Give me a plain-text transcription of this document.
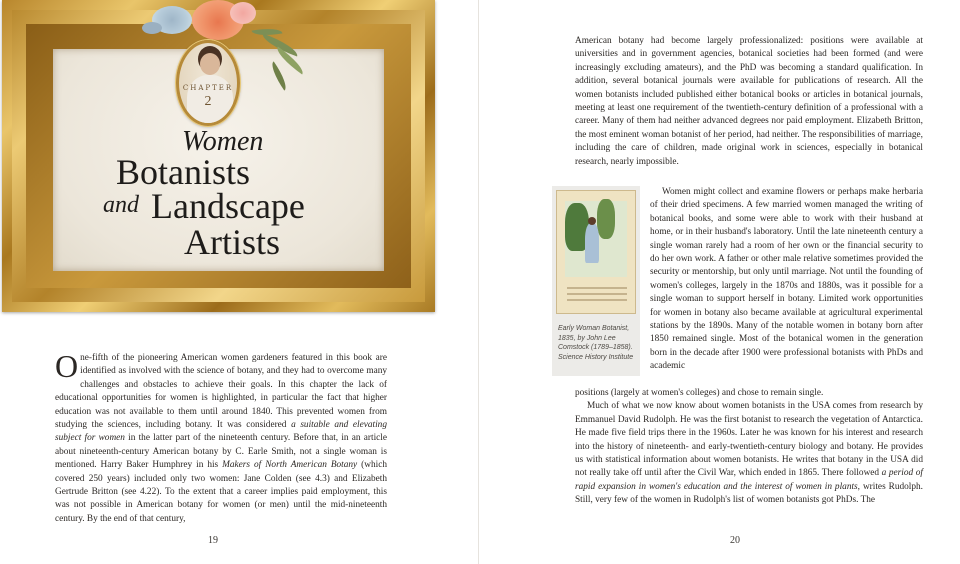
CHAPTER
2
Women
Botanists
and Landscape
Artists

One-fifth of the pioneering American women gardeners featured in this book are identified as involved with the science of botany, and they had to overcome many challenges and obstacles to achieve their goals. In this chapter the lack of educational opportunities for women is highlighted, in particular the fact that higher education was not available to them until around 1840. This prevented women from studying the sciences, including botany. It was considered a suitable and elevating subject for women in the latter part of the nineteenth century. Before that, in an article about nineteenth-century American botany by C. Earle Smith, not a single woman is mentioned. Harry Baker Humphrey in his Makers of North American Botany (which covered 250 years) included only two women: Jane Colden (see 4.3) and Elizabeth Gertrude Britton (see 4.22). To the extent that a career implies paid employment, this was not possible in American botany for women (or men) until the mid-nineteenth century. By the end of that century,

19

American botany had become largely professionalized: positions were available at universities and in government agencies, botanical societies had been formed (and were increasingly excluding amateurs), and the PhD was becoming a standard qualification. In addition, several botanical journals were available for publications of research. All the women botanists included published either botanical books or articles in botanical journals, meeting at least one requirement of the twentieth-century definition of a professional with a career. Many of them had neither advanced degrees nor paid employment. Elizabeth Britton, the most eminent woman botanist of her period, had neither. The responsibilities of marriage, including the care of children, made original work in sciences, especially in botanical research, nearly impossible.

Early Woman Botanist, 1835, by John Lee Comstock (1789–1858). Science History Institute

Women might collect and examine flowers or perhaps make herbaria of their dried specimens. A few married women managed the writing of botanical books, and some were able to work with their husband at home, or in their husband's laboratory. Until the late nineteenth century a single woman rarely had a room of her own or the financial security to do her own work. A father or other male relative sometimes provided the security or mentorship, but only until marriage. Not until the founding of women's colleges, largely in the 1870s and 1880s, was it possible for a single woman to support herself in botany. Limited work opportunities for women in botany also became available at agricultural experimental stations by the 1890s. Many of the notable women in botany born after 1850 remained single. Most of the botanical women in the generation born in the decade after 1900 were professional botanists with PhDs and academic

positions (largely at women's colleges) and chose to remain single.

Much of what we now know about women botanists in the USA comes from research by Emmanuel David Rudolph. He was the first botanist to research the vegetation of Antarctica. He made five field trips there in the 1960s. Later he was known for his interest and research into the history of nineteenth- and early-twentieth-century biology and botany. He provides us with statistical information about women botanists. He writes that botany in the USA did not really take off until after the Civil War, which ended in 1865. There followed a period of rapid expansion in women's education and the interest of women in plants, writes Rudolph. Still, very few of the women in Rudolph's list of women botanists got PhDs. The

20
